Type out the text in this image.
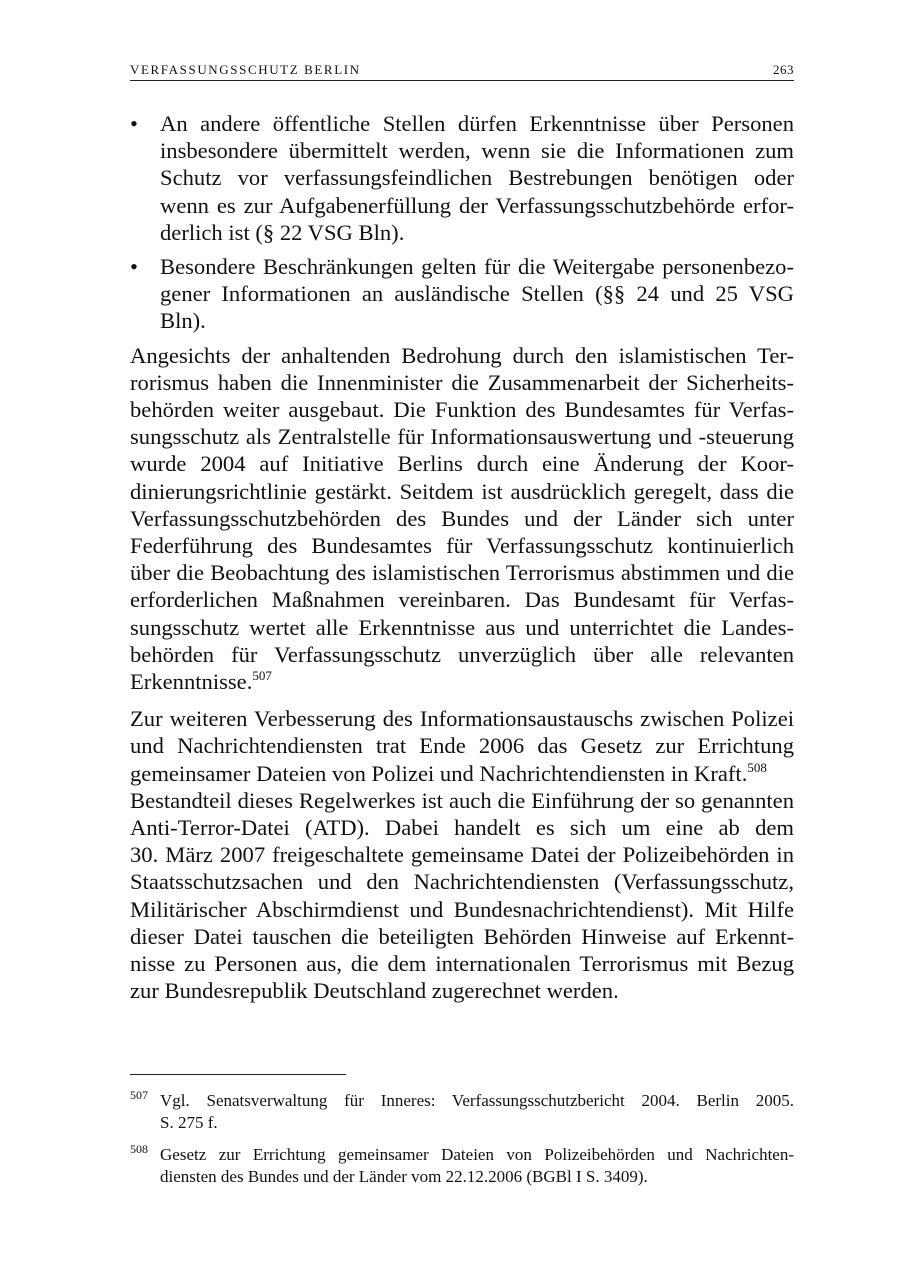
VERFASSUNGSSCHUTZ BERLIN	263
• An andere öffentliche Stellen dürfen Erkenntnisse über Personen
insbesondere übermittelt werden, wenn sie die Informationen zum
Schutz vor verfassungsfeindlichen Bestrebungen benötigen oder
wenn es zur Aufgabenerfüllung der Verfassungsschutzbehörde erfor-
derlich ist (§ 22 VSG Bln).
• Besondere Beschränkungen gelten für die Weitergabe personenbezo-
gener Informationen an ausländische Stellen (§§ 24 und 25 VSG
Bln).

Angesichts der anhaltenden Bedrohung durch den islamistischen Ter-
rorismus haben die Innenminister die Zusammenarbeit der Sicherheits-
behörden weiter ausgebaut. Die Funktion des Bundesamtes für Verfas-
sungsschutz als Zentralstelle für Informationsauswertung und -steuerung
wurde 2004 auf Initiative Berlins durch eine Änderung der Koor-
dinierungsrichtlinie gestärkt. Seitdem ist ausdrücklich geregelt, dass die
Verfassungsschutzbehörden des Bundes und der Länder sich unter
Federführung des Bundesamtes für Verfassungsschutz kontinuierlich
über die Beobachtung des islamistischen Terrorismus abstimmen und die
erforderlichen Maßnahmen vereinbaren. Das Bundesamt für Verfas-
sungsschutz wertet alle Erkenntnisse aus und unterrichtet die Landes-
behörden für Verfassungsschutz unverzüglich über alle relevanten
Erkenntnisse.$^{507}$

Zur weiteren Verbesserung des Informationsaustauschs zwischen Polizei
und Nachrichtendiensten trat Ende 2006 das Gesetz zur Errichtung
gemeinsamer Dateien von Polizei und Nachrichtendiensten in Kraft.$^{508}$
Bestandteil dieses Regelwerkes ist auch die Einführung der so genannten
Anti-Terror-Datei (ATD). Dabei handelt es sich um eine ab dem
30. März 2007 freigeschaltete gemeinsame Datei der Polizeibehörden in
Staatsschutzsachen und den Nachrichtendiensten (Verfassungsschutz,
Militärischer Abschirmdienst und Bundesnachrichtendienst). Mit Hilfe
dieser Datei tauschen die beteiligten Behörden Hinweise auf Erkennt-
nisse zu Personen aus, die dem internationalen Terrorismus mit Bezug
zur Bundesrepublik Deutschland zugerechnet werden.

507 Vgl. Senatsverwaltung für Inneres: Verfassungsschutzbericht 2004. Berlin 2005.
S. 275 f.
508 Gesetz zur Errichtung gemeinsamer Dateien von Polizeibehörden und Nachrichten-
diensten des Bundes und der Länder vom 22.12.2006 (BGBl I S. 3409).
